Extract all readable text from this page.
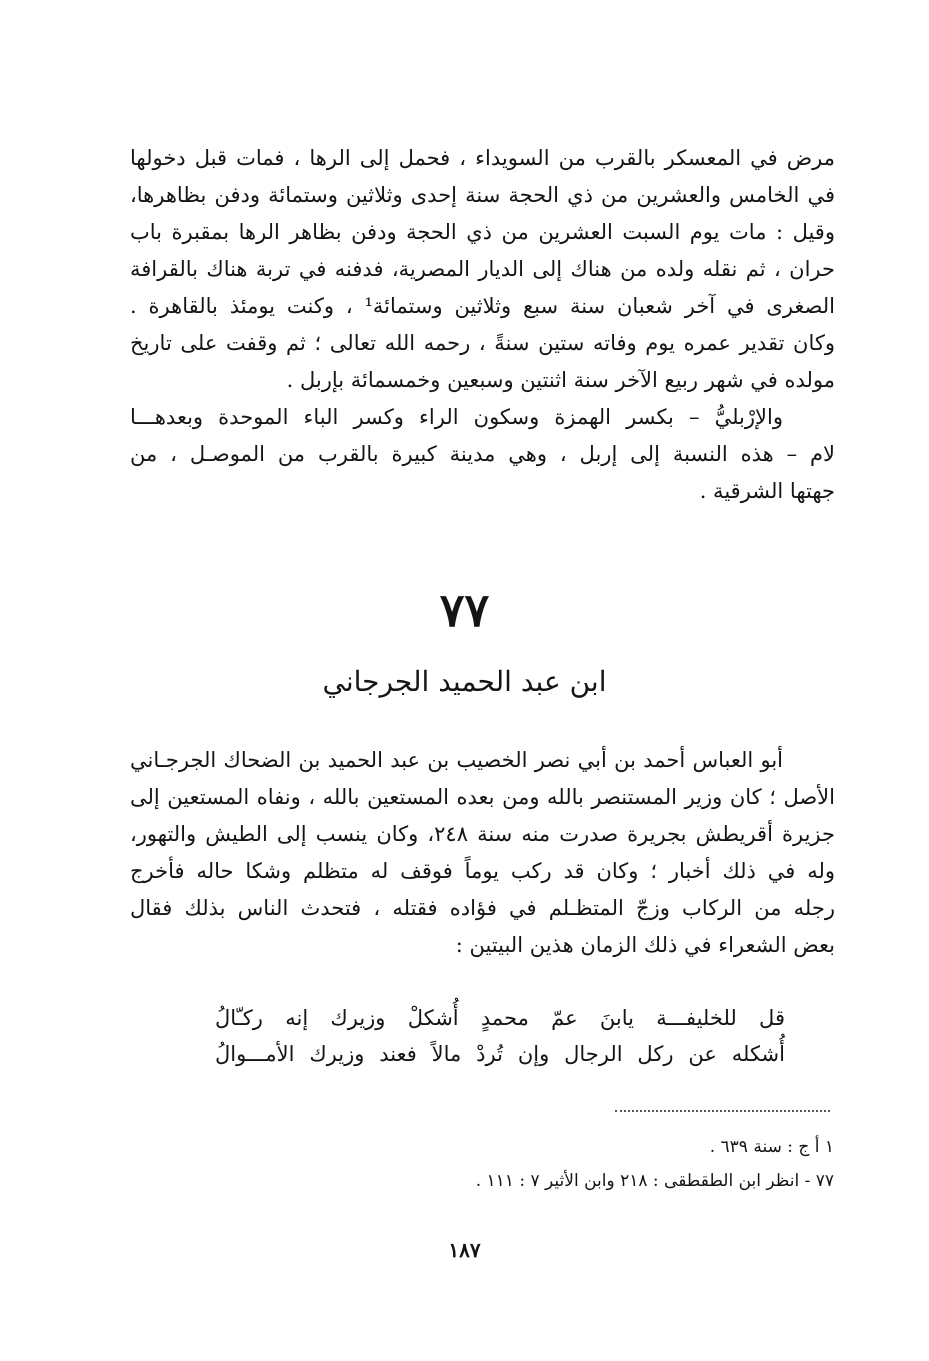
مرض في المعسكر بالقرب من السويداء ، فحمل إلى الرها ، فمات قبل دخولها
في الخامس والعشرين من ذي الحجة سنة إحدى وثلاثين وستمائة ودفن بظاهرها،
وقيل : مات يوم السبت العشرين من ذي الحجة ودفن بظاهر الرها بمقبرة باب
حران ، ثم نقله ولده من هناك إلى الديار المصرية، فدفنه في تربة هناك بالقرافة
الصغرى في آخر شعبان سنة سبع وثلاثين وستمائة¹ ، وكنت يومئذ بالقاهرة .
وكان تقدير عمره يوم وفاته ستين سنةً ، رحمه الله تعالى ؛ ثم وقفت على تاريخ
مولده في شهر ربيع الآخر سنة اثنتين وسبعين وخمسمائة بإربل .
والإرْبليُّ – بكسر الهمزة وسكون الراء وكسر الباء الموحدة وبعدهـــا
لام – هذه النسبة إلى إربل ، وهي مدينة كبيرة بالقرب من الموصـل ، من
جهتها الشرقية .
٧٧
ابن عبد الحميد الجرجاني
أبو العباس أحمد بن أبي نصر الخصيب بن عبد الحميد بن الضحاك الجرجـاني
الأصل ؛ كان وزير المستنصر بالله ومن بعده المستعين بالله ، ونفاه المستعين إلى
جزيرة أقريطش بجريرة صدرت منه سنة ٢٤٨، وكان ينسب إلى الطيش والتهور،
وله في ذلك أخبار ؛ وكان قد ركب يوماً فوقف له متظلم وشكا حاله فأخرج
رجله من الركاب وزجّ المتظـلم في فؤاده فقتله ، فتحدث الناس بذلك فقال
بعض الشعراء في ذلك الزمان هذين البيتين :
قل للخليفـــة يابنَ عمّ محمدٍ أُشكلْ وزيرك إنه ركـّالُ
أُشكله عن ركل الرجال وإن تُردْ مالاً فعند وزيرك الأمـــوالُ
١ أ ج : سنة ٦٣٩ .
٧٧ - انظر ابن الطقطقى : ٢١٨ وابن الأثير ٧ : ١١١ .
١٨٧
